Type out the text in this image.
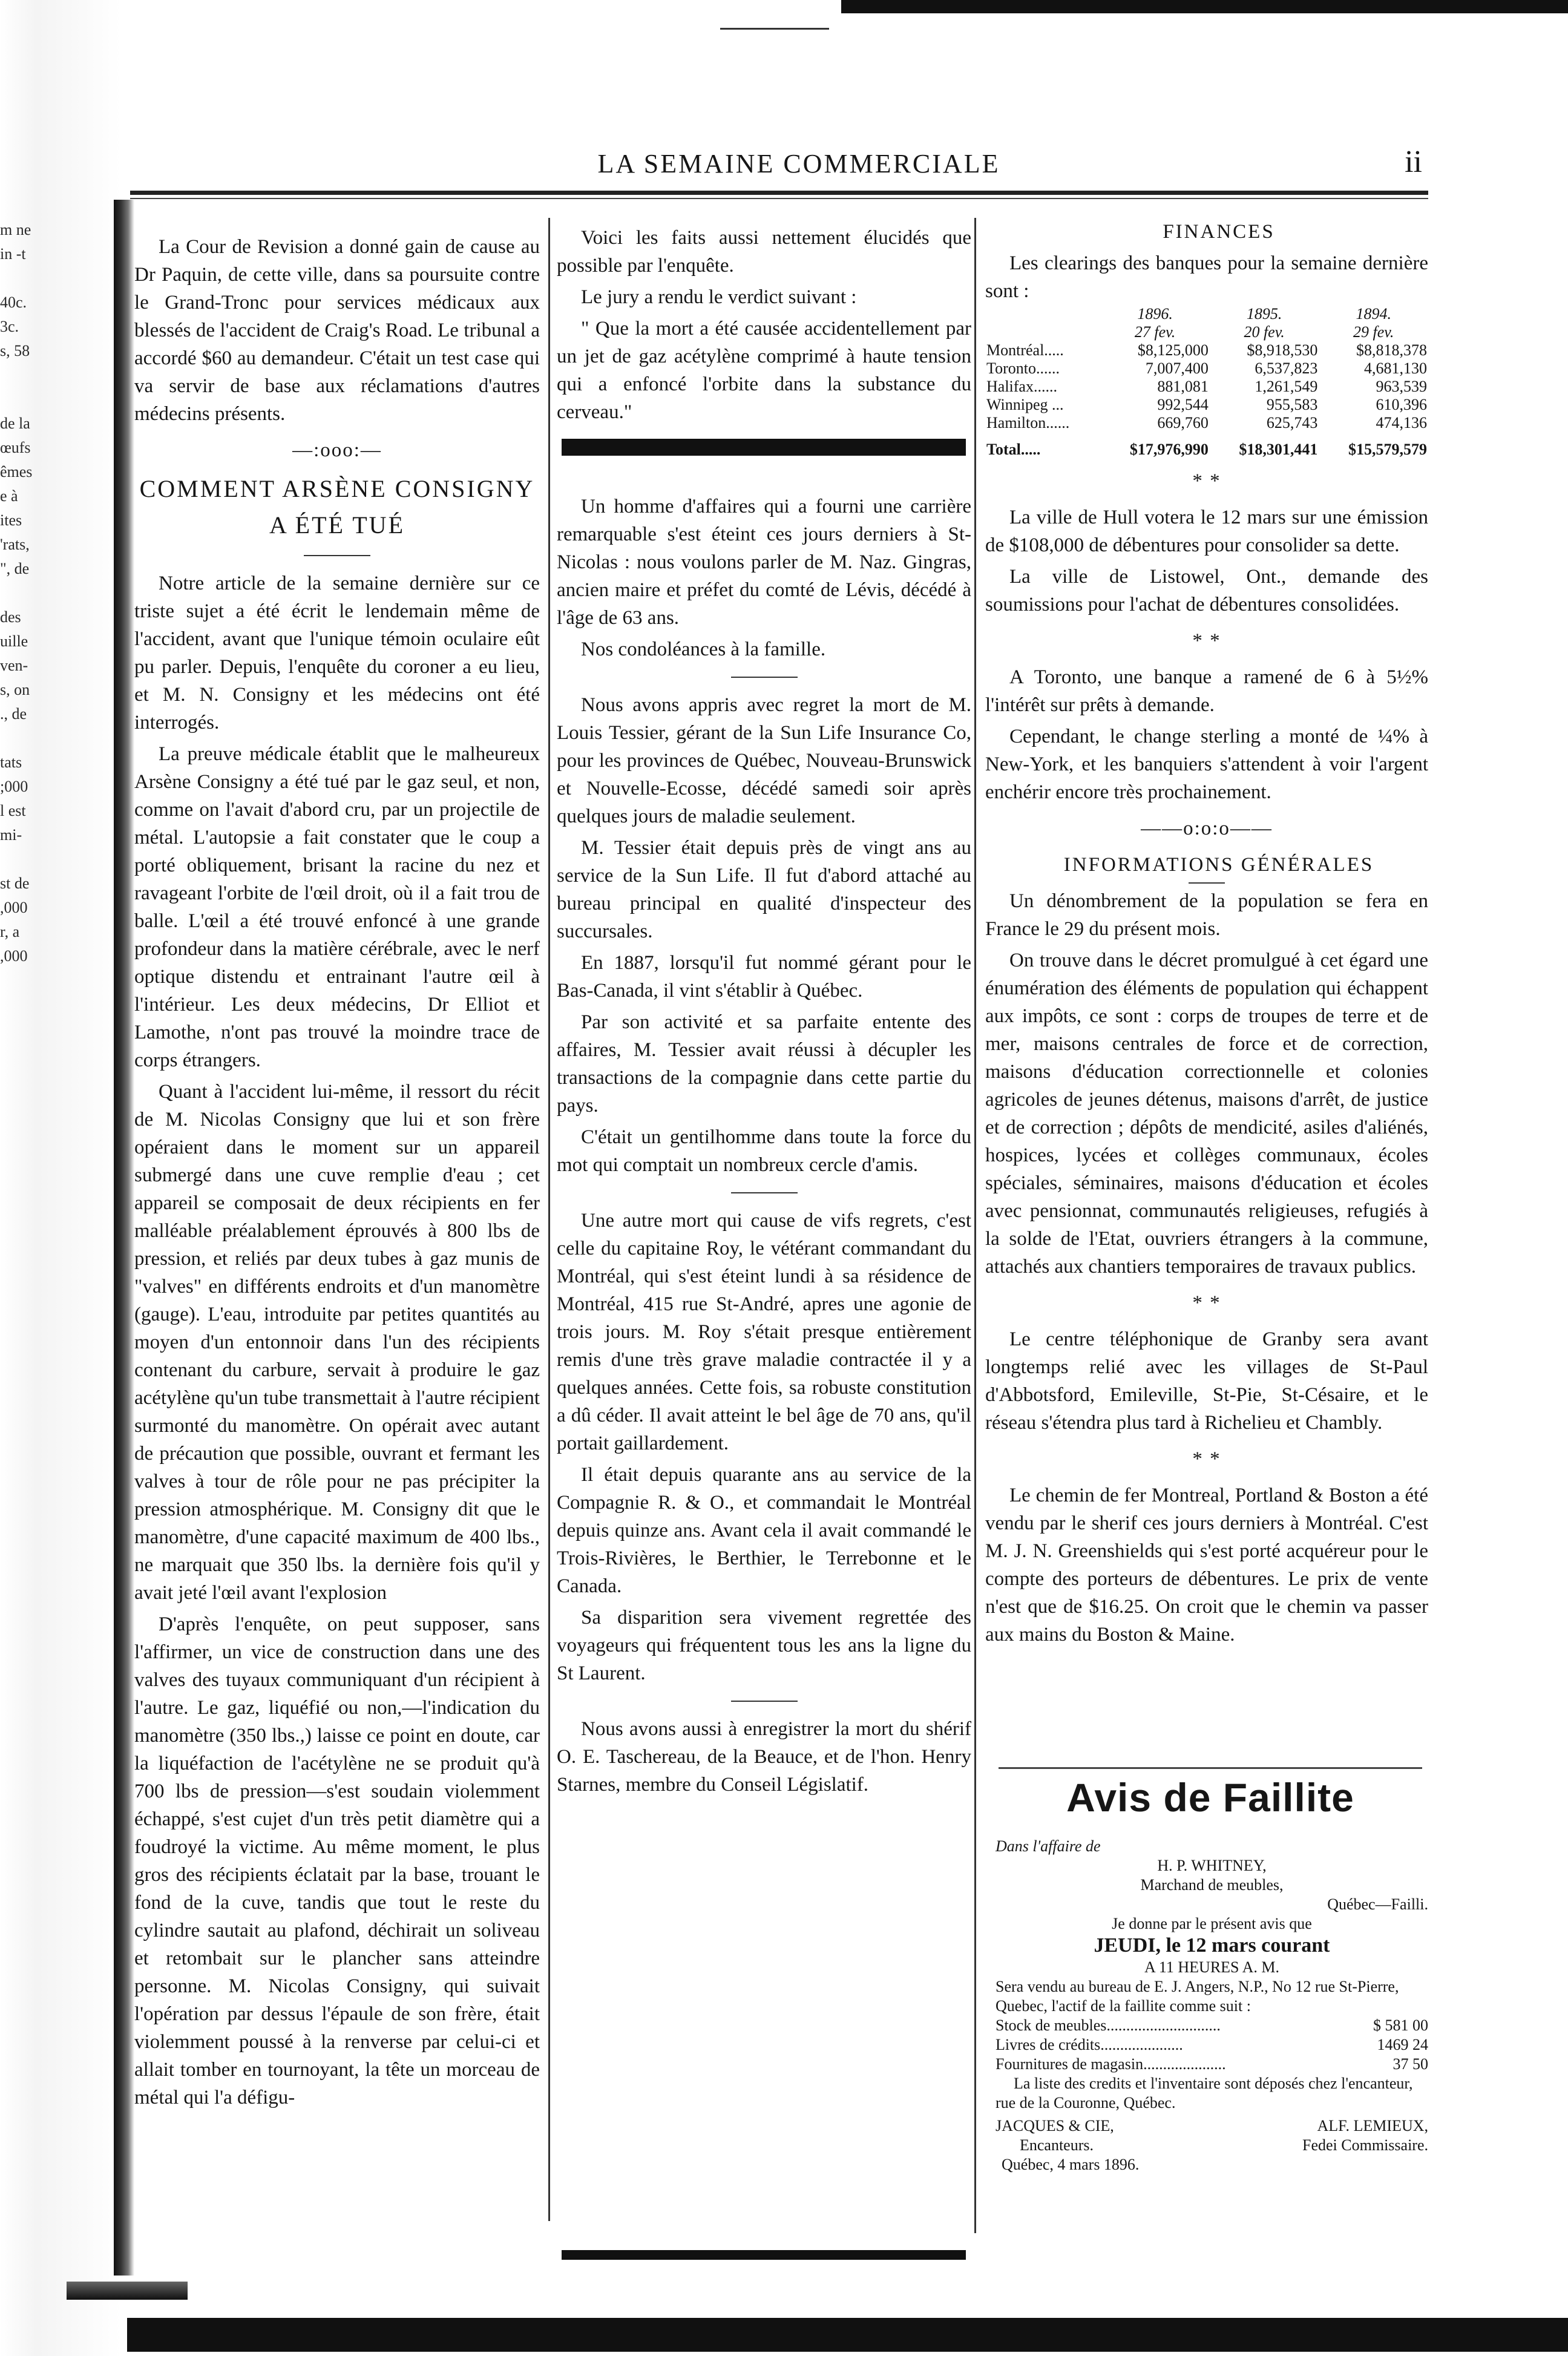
m ne
in -t
40c.
3c.
s, 58
de la
œufs
êmes
e à
ites
'rats,
", de
des
uille
ven-
s, on
., de
tats
;000
l est
mi-
st de
,000
r, a
,000
LA SEMAINE COMMERCIALE	ii

La Cour de Revision a donné gain de cause au Dr Paquin, de cette ville, dans sa poursuite contre le Grand-Tronc pour services médicaux aux blessés de l'accident de Craig's Road. Le tribunal a accordé $60 au demandeur. C'était un test case qui va servir de base aux réclamations d'autres médecins présents.

—:ooo:—

COMMENT ARSÈNE CONSIGNY

A ÉTÉ TUÉ

Notre article de la semaine dernière sur ce triste sujet a été écrit le lendemain même de l'accident, avant que l'unique témoin oculaire eût pu parler. Depuis, l'enquête du coroner a eu lieu, et M. N. Consigny et les médecins ont été interrogés.

La preuve médicale établit que le malheureux Arsène Consigny a été tué par le gaz seul, et non, comme on l'avait d'abord cru, par un projectile de métal. L'autopsie a fait constater que le coup a porté obliquement, brisant la racine du nez et ravageant l'orbite de l'œil droit, où il a fait trou de balle. L'œil a été trouvé enfoncé à une grande profondeur dans la matière cérébrale, avec le nerf optique distendu et entrainant l'autre œil à l'intérieur. Les deux médecins, Dr Elliot et Lamothe, n'ont pas trouvé la moindre trace de corps étrangers.

Quant à l'accident lui-même, il ressort du récit de M. Nicolas Consigny que lui et son frère opéraient dans le moment sur un appareil submergé dans une cuve remplie d'eau ; cet appareil se composait de deux récipients en fer malléable préalablement éprouvés à 800 lbs de pression, et reliés par deux tubes à gaz munis de "valves" en différents endroits et d'un manomètre (gauge). L'eau, introduite par petites quantités au moyen d'un entonnoir dans l'un des récipients contenant du carbure, servait à produire le gaz acétylène qu'un tube transmettait à l'autre récipient surmonté du manomètre. On opérait avec autant de précaution que possible, ouvrant et fermant les valves à tour de rôle pour ne pas précipiter la pression atmosphérique. M. Consigny dit que le manomètre, d'une capacité maximum de 400 lbs., ne marquait que 350 lbs. la dernière fois qu'il y avait jeté l'œil avant l'explosion

D'après l'enquête, on peut supposer, sans l'affirmer, un vice de construction dans une des valves des tuyaux communiquant d'un récipient à l'autre. Le gaz, liquéfié ou non,—l'indication du manomètre (350 lbs.,) laisse ce point en doute, car la liquéfaction de l'acétylène ne se produit qu'à 700 lbs de pression—s'est soudain violemment échappé, s'est cujet d'un très petit diamètre qui a foudroyé la victime. Au même moment, le plus gros des récipients éclatait par la base, trouant le fond de la cuve, tandis que tout le reste du cylindre sautait au plafond, déchirait un soliveau et retombait sur le plancher sans atteindre personne. M. Nicolas Consigny, qui suivait l'opération par dessus l'épaule de son frère, était violemment poussé à la renverse par celui-ci et allait tomber en tournoyant, la tête un morceau de métal qui l'a défigu-

Voici les faits aussi nettement élucidés que possible par l'enquête.

Le jury a rendu le verdict suivant :

" Que la mort a été causée accidentellement par un jet de gaz acétylène comprimé à haute tension qui a enfoncé l'orbite dans la substance du cerveau."

Un homme d'affaires qui a fourni une carrière remarquable s'est éteint ces jours derniers à St-Nicolas : nous voulons parler de M. Naz. Gingras, ancien maire et préfet du comté de Lévis, décédé à l'âge de 63 ans.

Nos condoléances à la famille.

Nous avons appris avec regret la mort de M. Louis Tessier, gérant de la Sun Life Insurance Co, pour les provinces de Québec, Nouveau-Brunswick et Nouvelle-Ecosse, décédé samedi soir après quelques jours de maladie seulement.

M. Tessier était depuis près de vingt ans au service de la Sun Life. Il fut d'abord attaché au bureau principal en qualité d'inspecteur des succursales.

En 1887, lorsqu'il fut nommé gérant pour le Bas-Canada, il vint s'établir à Québec.

Par son activité et sa parfaite entente des affaires, M. Tessier avait réussi à décupler les transactions de la compagnie dans cette partie du pays.

C'était un gentilhomme dans toute la force du mot qui comptait un nombreux cercle d'amis.

Une autre mort qui cause de vifs regrets, c'est celle du capitaine Roy, le vétérant commandant du Montréal, qui s'est éteint lundi à sa résidence de Montréal, 415 rue St-André, apres une agonie de trois jours. M. Roy s'était presque entièrement remis d'une très grave maladie contractée il y a quelques années. Cette fois, sa robuste constitution a dû céder. Il avait atteint le bel âge de 70 ans, qu'il portait gaillardement.

Il était depuis quarante ans au service de la Compagnie R. & O., et commandait le Montréal depuis quinze ans. Avant cela il avait commandé le Trois-Rivières, le Berthier, le Terrebonne et le Canada.

Sa disparition sera vivement regrettée des voyageurs qui fréquentent tous les ans la ligne du St Laurent.

Nous avons aussi à enregistrer la mort du shérif O. E. Taschereau, de la Beauce, et de l'hon. Henry Starnes, membre du Conseil Législatif.

FINANCES

Les clearings des banques pour la semaine dernière sont :

	1896.	1895.	1894.
	27 fev.	20 fev.	29 fev.
Montréal.....	$8,125,000	$8,918,530	$8,818,378
Toronto......	7,007,400	6,537,823	4,681,130
Halifax......	881,081	1,261,549	963,539
Winnipeg ...	992,544	955,583	610,396
Hamilton......	669,760	625,743	474,136
Total.....	$17,976,990	$18,301,441	$15,579,579

* *

La ville de Hull votera le 12 mars sur une émission de $108,000 de débentures pour consolider sa dette.

La ville de Listowel, Ont., demande des soumissions pour l'achat de débentures consolidées.

* *

A Toronto, une banque a ramené de 6 à 5½% l'intérêt sur prêts à demande.

Cependant, le change sterling a monté de ¼% à New-York, et les banquiers s'attendent à voir l'argent enchérir encore très prochainement.

——o:o:o——

INFORMATIONS GÉNÉRALES

Un dénombrement de la population se fera en France le 29 du présent mois.

On trouve dans le décret promulgué à cet égard une énumération des éléments de population qui échappent aux impôts, ce sont : corps de troupes de terre et de mer, maisons centrales de force et de correction, maisons d'éducation correctionnelle et colonies agricoles de jeunes détenus, maisons d'arrêt, de justice et de correction ; dépôts de mendicité, asiles d'aliénés, hospices, lycées et collèges communaux, écoles spéciales, séminaires, maisons d'éducation et écoles avec pensionnat, communautés religieuses, refugiés à la solde de l'Etat, ouvriers étrangers à la commune, attachés aux chantiers temporaires de travaux publics.

* *

Le centre téléphonique de Granby sera avant longtemps relié avec les villages de St-Paul d'Abbotsford, Emileville, St-Pie, St-Césaire, et le réseau s'étendra plus tard à Richelieu et Chambly.

* *

Le chemin de fer Montreal, Portland & Boston a été vendu par le sherif ces jours derniers à Montréal. C'est M. J. N. Greenshields qui s'est porté acquéreur pour le compte des porteurs de débentures. Le prix de vente n'est que de $16.25. On croit que le chemin va passer aux mains du Boston & Maine.

Avis de Faillite
Dans l'affaire de
H. P. WHITNEY,
Marchand de meubles,
Québec—Failli.
Je donne par le présent avis que
JEUDI, le 12 mars courant
A 11 HEURES A. M.
Sera vendu au bureau de E. J. Angers, N.P., No 12 rue St-Pierre, Quebec, l'actif de la faillite comme suit :
Stock de meubles.............................	$ 581 00
Livres de crédits.....................	1469 24
Fournitures de magasin.....................	37 50
La liste des credits et l'inventaire sont déposés chez l'encanteur, rue de la Couronne, Québec.
JACQUES & CIE,
Encanteurs.
Québec, 4 mars 1896.
ALF. LEMIEUX,
Fedei Commissaire.
